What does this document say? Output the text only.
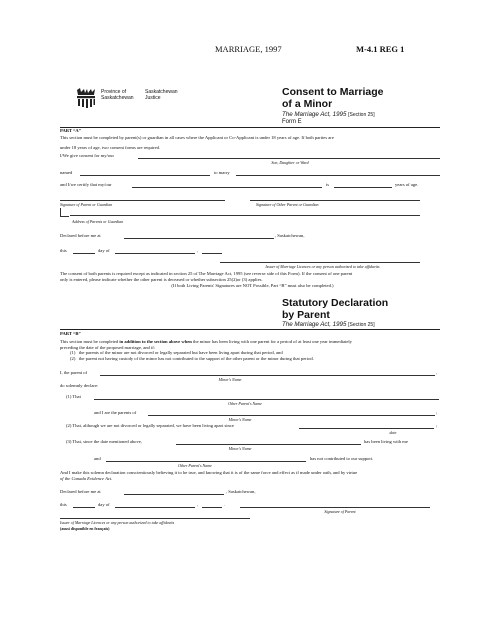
MARRIAGE, 1997	M-4.1 REG 1
Province of
Saskatchewan
Saskatchewan
Justice	Consent to Marriage
of a Minor
The Marriage Act, 1995 [Section 25]
Form E
PART “A”

This section must be completed by parent(s) or guardian in all cases where the Applicant or Co-Applicant is under 18 years of age. If both parties are

under 18 years of age, two consent forms are required.

I/We give consent for my/our
Son, Daughter or Ward
named	to marry
and I/we certify that my/our	is	years of age.
Signature of Parent or Guardian	Signature of Other Parent or Guardian
Address of Parents or Guardian
Declared before me at	, Saskatchewan,
this	day of	,
Issuer of Marriage Licences or any person authorized to take affidavits

The consent of both parents is required except as indicated in section 25 of The Marriage Act, 1995 (see reverse side of this Form). If the consent of one parent

only is entered, please indicate whether the other parent is deceased or whether subsection 25(2)or (3) applies.

(If both Living Parents' Signatures are NOT Possible, Part “B” must also be completed.)

Statutory Declaration
by Parent
The Marriage Act, 1995 [Section 25]
PART “B”

This section must be completed in addition to the section above when the minor has been living with one parent for a period of at least one year immediately

preceding the date of the proposed marriage, and if:

(1) the parents of the minor are not divorced or legally separated but have been living apart during that period, and

(2) the parent not having custody of the minor has not contributed to the support of the other parent or the minor during that period.

I, the parent of	,
Minor's Name
do solemnly declare:
(1) That
Other Parent's Name
and I are the parents of	;
Minor's Name
(2) That, although we are not divorced or legally separated, we have been living apart since	;
date
(3) That, since the date mentioned above,	has been living with me
Minor's Name
and	has not contributed to our support.
Other Parent's Name

And I make this solemn declaration conscientiously believing it to be true, and knowing that it is of the same force and effect as if made under oath, and by virtue

of the Canada Evidence Act.

Declared before me at	, Saskatchewan,
this	day of	,	.
Signature of Parent
Issuer of Marriage Licences or any person authorized to take affidavits
(aussi disponible en français)
